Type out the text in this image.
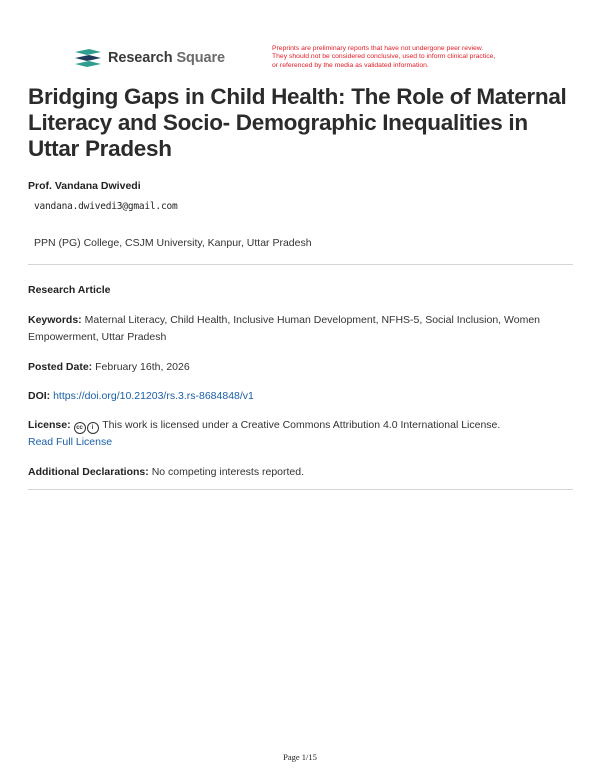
Research Square
Preprints are preliminary reports that have not undergone peer review.
They should not be considered conclusive, used to inform clinical practice,
or referenced by the media as validated information.
Bridging Gaps in Child Health: The Role of Maternal Literacy and Socio- Demographic Inequalities in Uttar Pradesh
Prof. Vandana Dwivedi
vandana.dwivedi3@gmail.com
PPN (PG) College, CSJM University, Kanpur, Uttar Pradesh
Research Article
Keywords: Maternal Literacy, Child Health, Inclusive Human Development, NFHS-5, Social Inclusion, Women Empowerment, Uttar Pradesh
Posted Date: February 16th, 2026
DOI: https://doi.org/10.21203/rs.3.rs-8684848/v1
License: cc i This work is licensed under a Creative Commons Attribution 4.0 International License.
Read Full License
Additional Declarations: No competing interests reported.
Page 1/15
